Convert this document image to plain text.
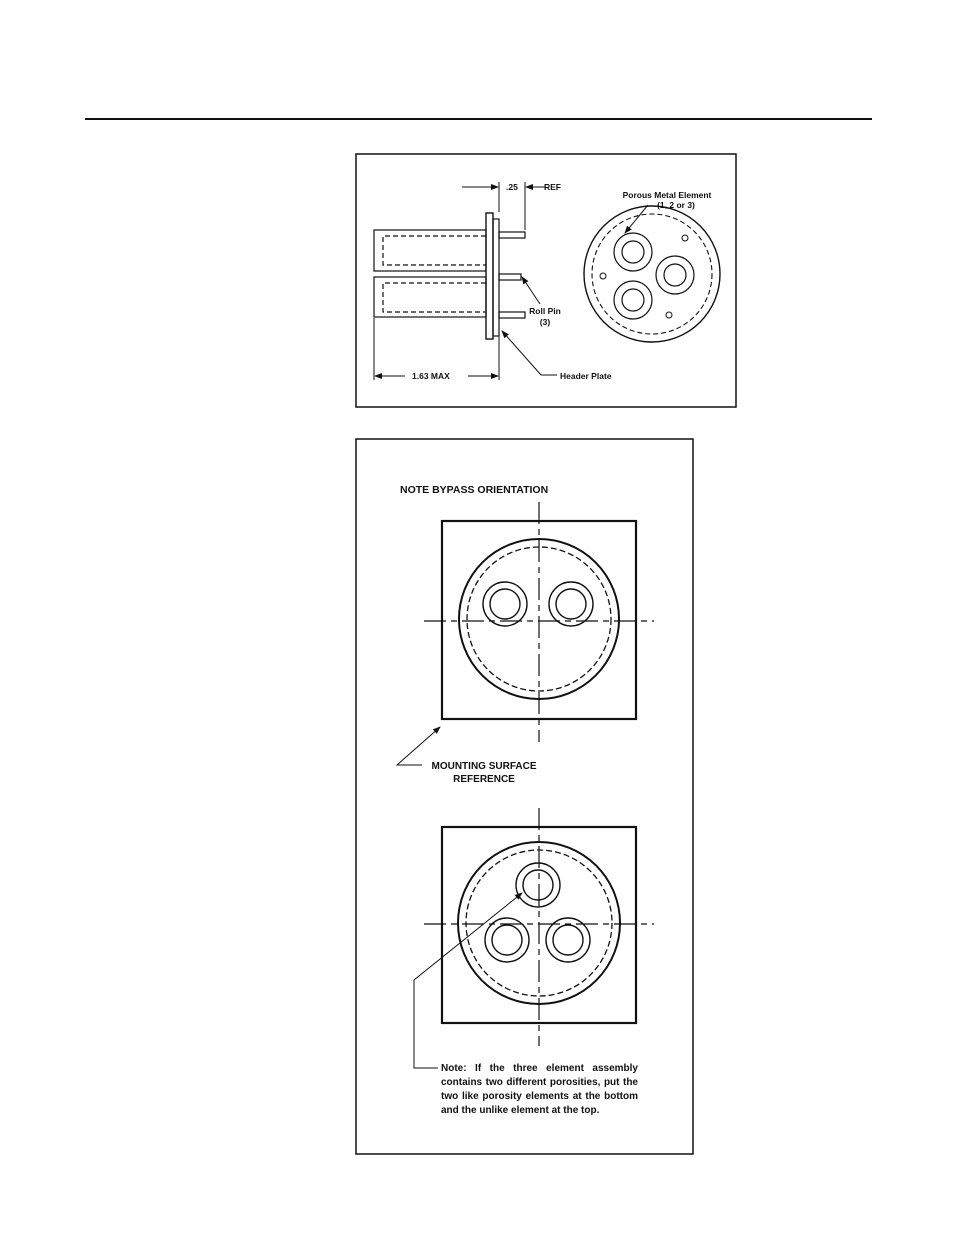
.25	REF
1.63 MAX	Header Plate
Roll Pin
(3)
Porous Metal Element
(1, 2 or 3)
NOTE BYPASS ORIENTATION
MOUNTING SURFACE
REFERENCE
Note: If the three element assembly contains two different porosities, put the two like porosity elements at the bottom and the unlike element at the top.
